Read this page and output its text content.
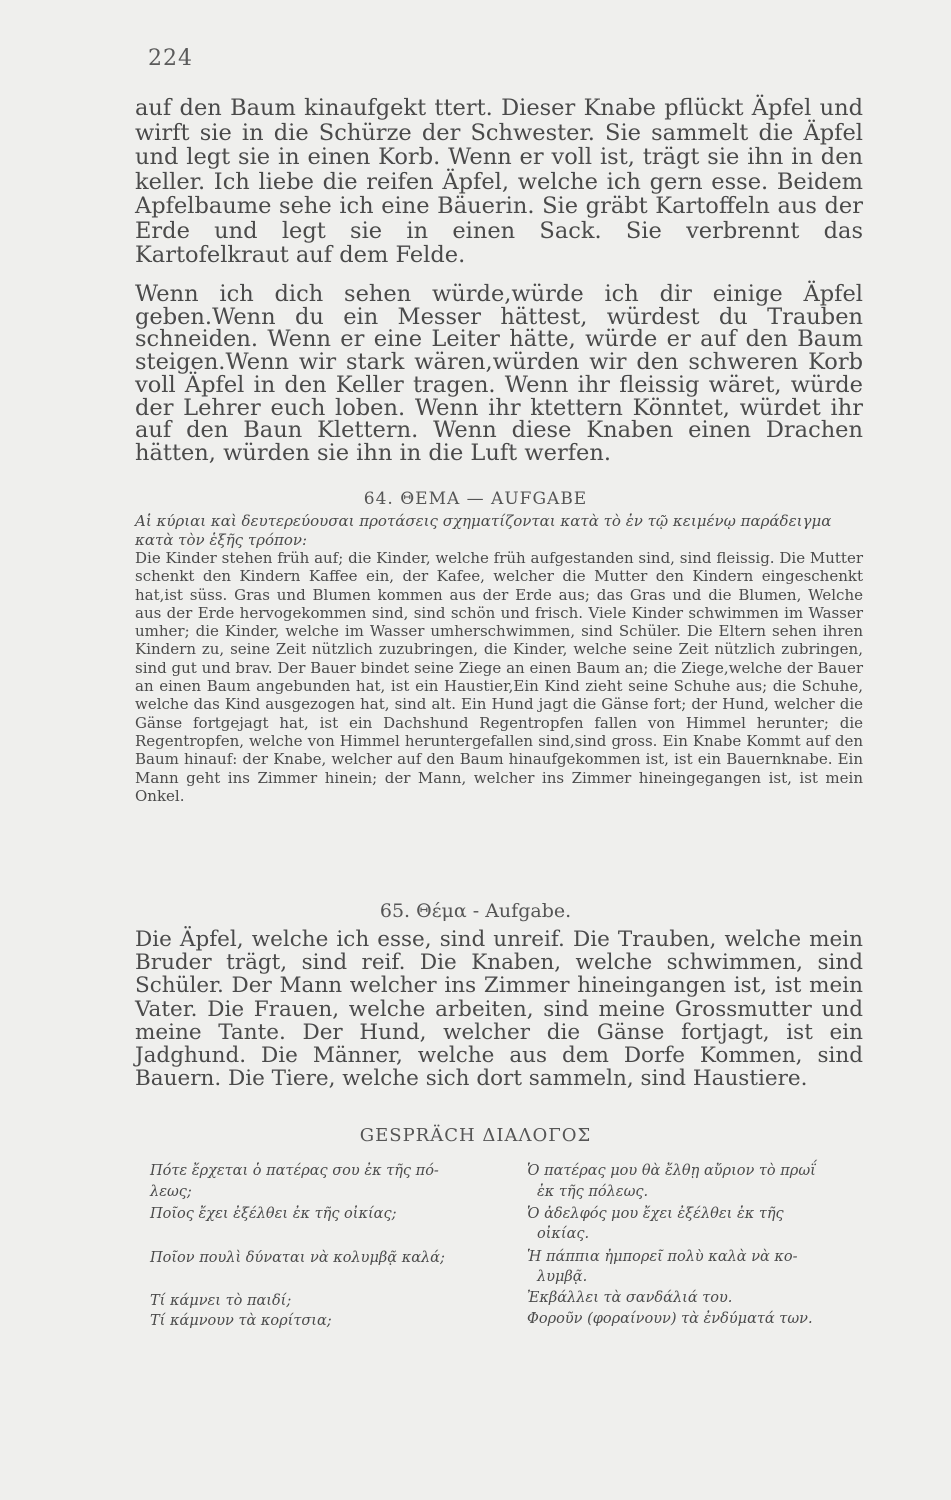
224

auf den Baum kinaufgekt ttert. Dieser Knabe pflückt Äpfel und wirft sie in die Schürze der Schwester. Sie sammelt die Äpfel und legt sie in einen Korb. Wenn er voll ist, trägt sie ihn in den keller. Ich liebe die reifen Äpfel, welche ich gern esse. Beidem Apfelbaume sehe ich eine Bäuerin. Sie gräbt Kartoffeln aus der Erde und legt sie in einen Sack. Sie verbrennt das Kartofelkraut auf dem Felde.

Wenn ich dich sehen würde,würde ich dir einige Äpfel geben.Wenn du ein Messer hättest, würdest du Trauben schneiden. Wenn er eine Leiter hätte, würde er auf den Baum steigen.Wenn wir stark wären,würden wir den schweren Korb voll Äpfel in den Keller tragen. Wenn ihr fleissig wäret, würde der Lehrer euch loben. Wenn ihr ktettern Könntet, würdet ihr auf den Baun Klettern. Wenn diese Knaben einen Drachen hätten, würden sie ihn in die Luft werfen.
64. ΘΕΜΑ — AUFGABE
Αἱ κύριαι καὶ δευτερεύουσαι προτάσεις σχηματίζονται κατὰ τὸ ἐν τῷ κειμένῳ παράδειγμα κατὰ τὸν ἑξῆς τρόπον:
Die Kinder stehen früh auf; die Kinder, welche früh aufgestanden sind, sind fleissig. Die Mutter schenkt den Kindern Kaffee ein, der Kafee, welcher die Mutter den Kindern eingeschenkt hat,ist süss. Gras und Blumen kommen aus der Erde aus; das Gras und die Blumen, Welche aus der Erde hervogekommen sind, sind schön und frisch. Viele Kinder schwimmen im Wasser umher; die Kinder, welche im Wasser umherschwimmen, sind Schüler. Die Eltern sehen ihren Kindern zu, seine Zeit nützlich zuzubringen, die Kinder, welche seine Zeit nützlich zubringen, sind gut und brav. Der Bauer bindet seine Ziege an einen Baum an; die Ziege,welche der Bauer an einen Baum angebunden hat, ist ein Haustier,Ein Kind zieht seine Schuhe aus; die Schuhe, welche das Kind ausgezogen hat, sind alt. Ein Hund jagt die Gänse fort; der Hund, welcher die Gänse fortgejagt hat, ist ein Dachshund Regentropfen fallen von Himmel herunter; die Regentropfen, welche von Himmel heruntergefallen sind,sind gross. Ein Knabe Kommt auf den Baum hinauf: der Knabe, welcher auf den Baum hinaufgekommen ist, ist ein Bauernknabe. Ein Mann geht ins Zimmer hinein; der Mann, welcher ins Zimmer hineingegangen ist, ist mein Onkel.
65. Θέμα - Aufgabe.
Die Äpfel, welche ich esse, sind unreif. Die Trauben, welche mein Bruder trägt, sind reif. Die Knaben, welche schwimmen, sind Schüler. Der Mann welcher ins Zimmer hineingangen ist, ist mein Vater. Die Frauen, welche arbeiten, sind meine Grossmutter und meine Tante. Der Hund, welcher die Gänse fortjagt, ist ein Jadghund. Die Männer, welche aus dem Dorfe Kommen, sind Bauern. Die Tiere, welche sich dort sammeln, sind Haustiere.
GESPRÄCH ΔΙΑΛΟΓΟΣ
Πότε ἔρχεται ὁ πατέρας σου ἐκ τῆς πό-
λεως;
Ποῖος ἔχει ἐξέλθει ἐκ τῆς οἰκίας;
Ποῖον πουλὶ δύναται νὰ κολυμβᾷ καλά;
Τί κάμνει τὸ παιδί;
Τί κάμνουν τὰ κορίτσια;
Ὁ πατέρας μου θὰ ἔλθῃ αὔριον τὸ πρωΐ
ἐκ τῆς πόλεως.
Ὁ ἀδελφός μου ἔχει ἐξέλθει ἐκ τῆς
οἰκίας.
Ἡ πάππια ἠμπορεῖ πολὺ καλὰ νὰ κο-
λυμβᾷ.
Ἐκβάλλει τὰ σανδάλιά του.
Φοροῦν (φοραίνουν) τὰ ἐνδύματά των.
